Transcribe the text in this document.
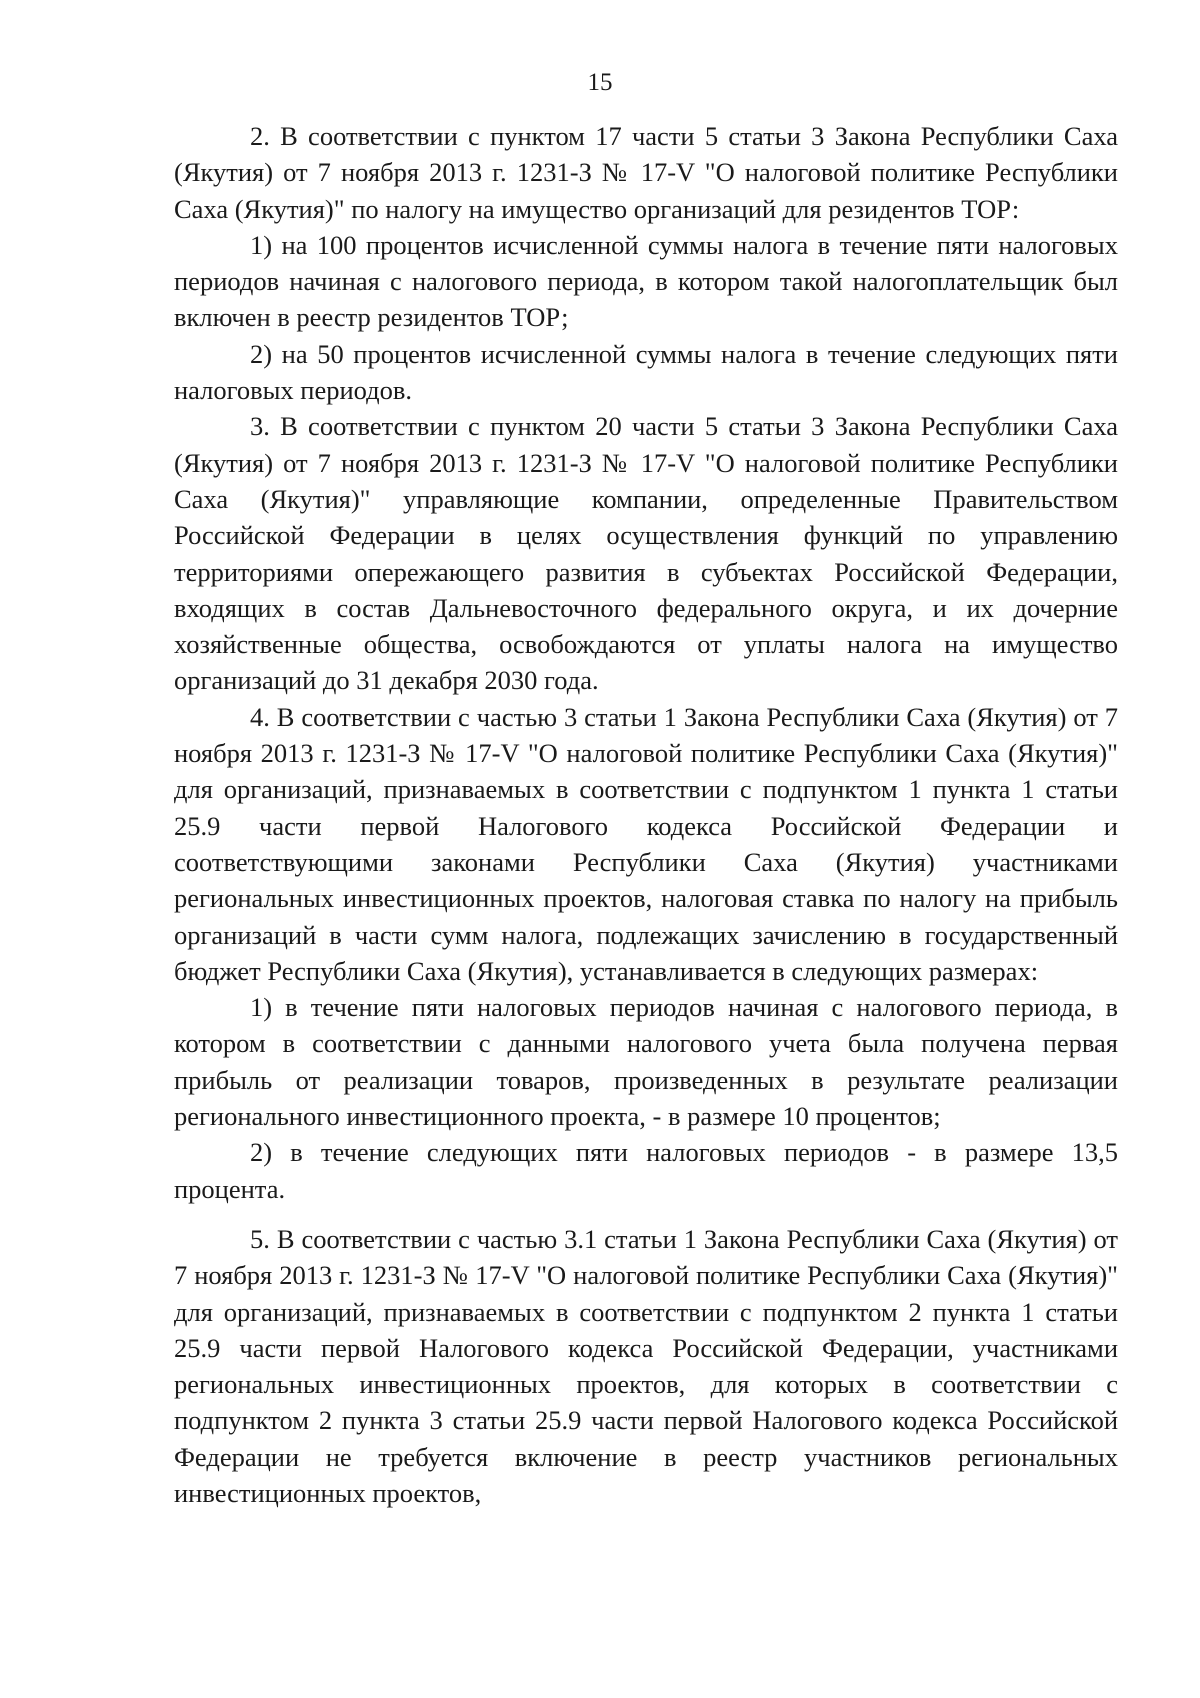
15

2. В соответствии с пунктом 17 части 5 статьи 3 Закона Республики Саха (Якутия) от 7 ноября 2013 г. 1231-З № 17-V "О налоговой политике Республики Саха (Якутия)" по налогу на имущество организаций для резидентов ТОР:

1) на 100 процентов исчисленной суммы налога в течение пяти налоговых периодов начиная с налогового периода, в котором такой налогоплательщик был включен в реестр резидентов ТОР;

2) на 50 процентов исчисленной суммы налога в течение следующих пяти налоговых периодов.

3. В соответствии с пунктом 20 части 5 статьи 3 Закона Республики Саха (Якутия) от 7 ноября 2013 г. 1231-З № 17-V "О налоговой политике Республики Саха (Якутия)" управляющие компании, определенные Правительством Российской Федерации в целях осуществления функций по управлению территориями опережающего развития в субъектах Российской Федерации, входящих в состав Дальневосточного федерального округа, и их дочерние хозяйственные общества, освобождаются от уплаты налога на имущество организаций до 31 декабря 2030 года.

4. В соответствии с частью 3 статьи 1 Закона Республики Саха (Якутия) от 7 ноября 2013 г. 1231-З № 17-V "О налоговой политике Республики Саха (Якутия)" для организаций, признаваемых в соответствии с подпунктом 1 пункта 1 статьи 25.9 части первой Налогового кодекса Российской Федерации и соответствующими законами Республики Саха (Якутия) участниками региональных инвестиционных проектов, налоговая ставка по налогу на прибыль организаций в части сумм налога, подлежащих зачислению в государственный бюджет Республики Саха (Якутия), устанавливается в следующих размерах:

1) в течение пяти налоговых периодов начиная с налогового периода, в котором в соответствии с данными налогового учета была получена первая прибыль от реализации товаров, произведенных в результате реализации регионального инвестиционного проекта, - в размере 10 процентов;

2) в течение следующих пяти налоговых периодов - в размере 13,5 процента.

5. В соответствии с частью 3.1 статьи 1 Закона Республики Саха (Якутия) от 7 ноября 2013 г. 1231-З № 17-V "О налоговой политике Республики Саха (Якутия)" для организаций, признаваемых в соответствии с подпунктом 2 пункта 1 статьи 25.9 части первой Налогового кодекса Российской Федерации, участниками региональных инвестиционных проектов, для которых в соответствии с подпунктом 2 пункта 3 статьи 25.9 части первой Налогового кодекса Российской Федерации не требуется включение в реестр участников региональных инвестиционных проектов,
